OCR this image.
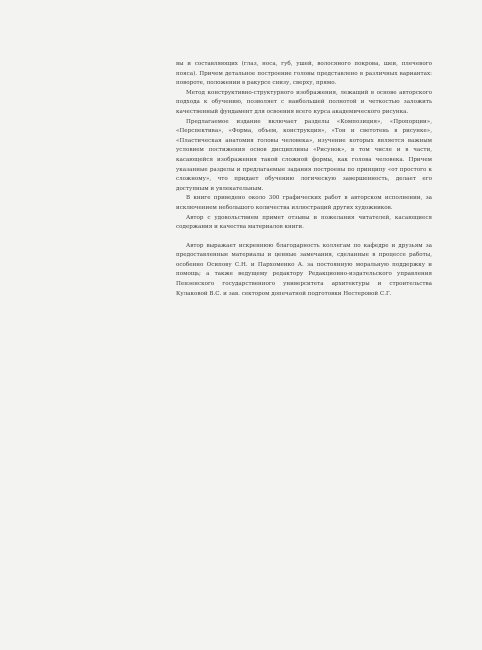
вы и составляющих (глаз, носа, губ, ушей, волосяного покрова, шеи, плечевого пояса). Причем детальное построение головы представлено в различных вариантах: повороте, положении в ракурсе снизу, сверху, прямо.

Метод конструктивно-структурного изображения, лежащий в основе авторского подхода к обучению, позволяет с наибольшей полнотой и четкостью заложить качественный фундамент для освоения всего курса академического рисунка.

Предлагаемое издание включает разделы «Композиция», «Пропорции», «Перспектива», «Форма, объем, конструкция», «Тон и светотень в рисунке», «Пластическая анатомия головы человека», изучение которых является важным условием постижения основ дисциплины «Рисунок», в том числе и в части, касающейся изображения такой сложной формы, как голова человека. Причем указанные разделы и предлагаемые задания построены по принципу «от простого к сложному», что придает обучению логическую завершенность, делает его доступным и увлекательным.

В книге приведено около 300 графических работ в авторском исполнении, за исключением небольшого количества иллюстраций других художников.

Автор с удовольствием примет отзывы и пожелания читателей, касающиеся содержания и качества материалов книги.

Автор выражает искреннюю благодарность коллегам по кафедре и друзьям за предоставленные материалы и ценные замечания, сделанные в процессе работы, особенно Осипову С.Н. и Пархоменко А. за постоянную моральную поддержку и помощь; а также ведущему редактору Редакционно-издательского управления Пензенского государственного университета архитектуры и строительства Кулаковой В.С. и зав. сектором допечатной подготовки Нестеровой С.Г.
